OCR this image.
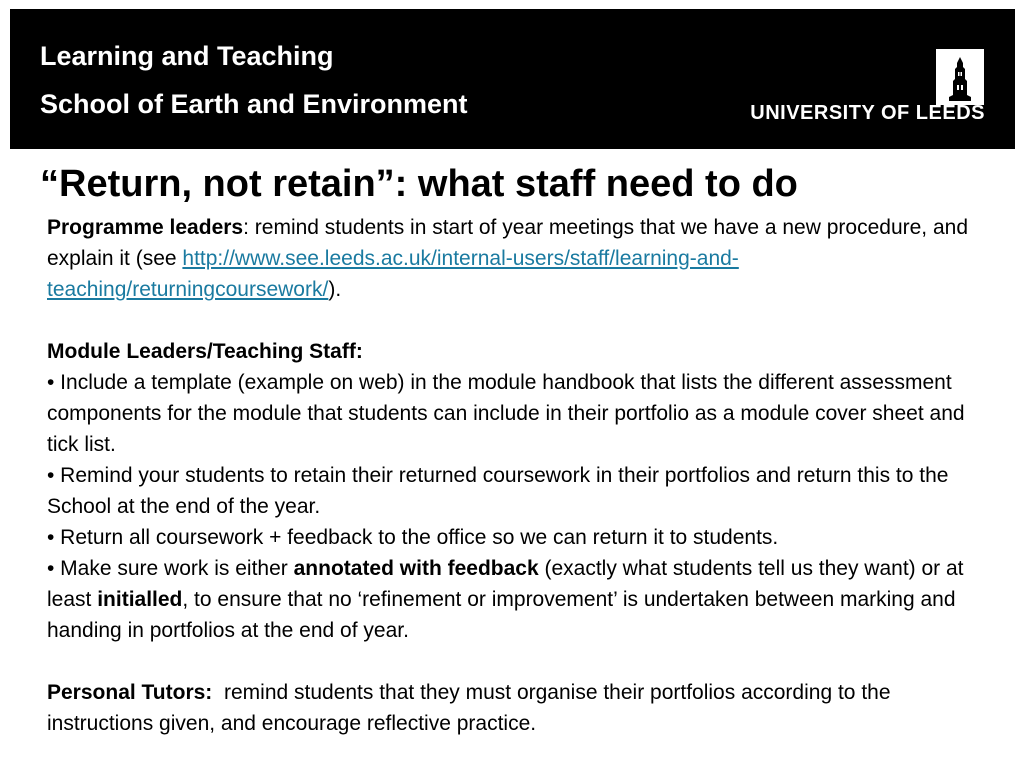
Learning and Teaching
School of Earth and Environment	UNIVERSITY OF LEEDS
“Return, not retain”: what staff need to do

Programme leaders: remind students in start of year meetings that we have a new procedure, and explain it (see http://www.see.leeds.ac.uk/internal-users/staff/learning-and-teaching/returningcoursework/).

Module Leaders/Teaching Staff:

• Include a template (example on web) in the module handbook that lists the different assessment components for the module that students can include in their portfolio as a module cover sheet and tick list.

• Remind your students to retain their returned coursework in their portfolios and return this to the School at the end of the year.

• Return all coursework + feedback to the office so we can return it to students.

• Make sure work is either annotated with feedback (exactly what students tell us they want) or at least initialled, to ensure that no ‘refinement or improvement’ is undertaken between marking and handing in portfolios at the end of year.

Personal Tutors:  remind students that they must organise their portfolios according to the instructions given, and encourage reflective practice.
